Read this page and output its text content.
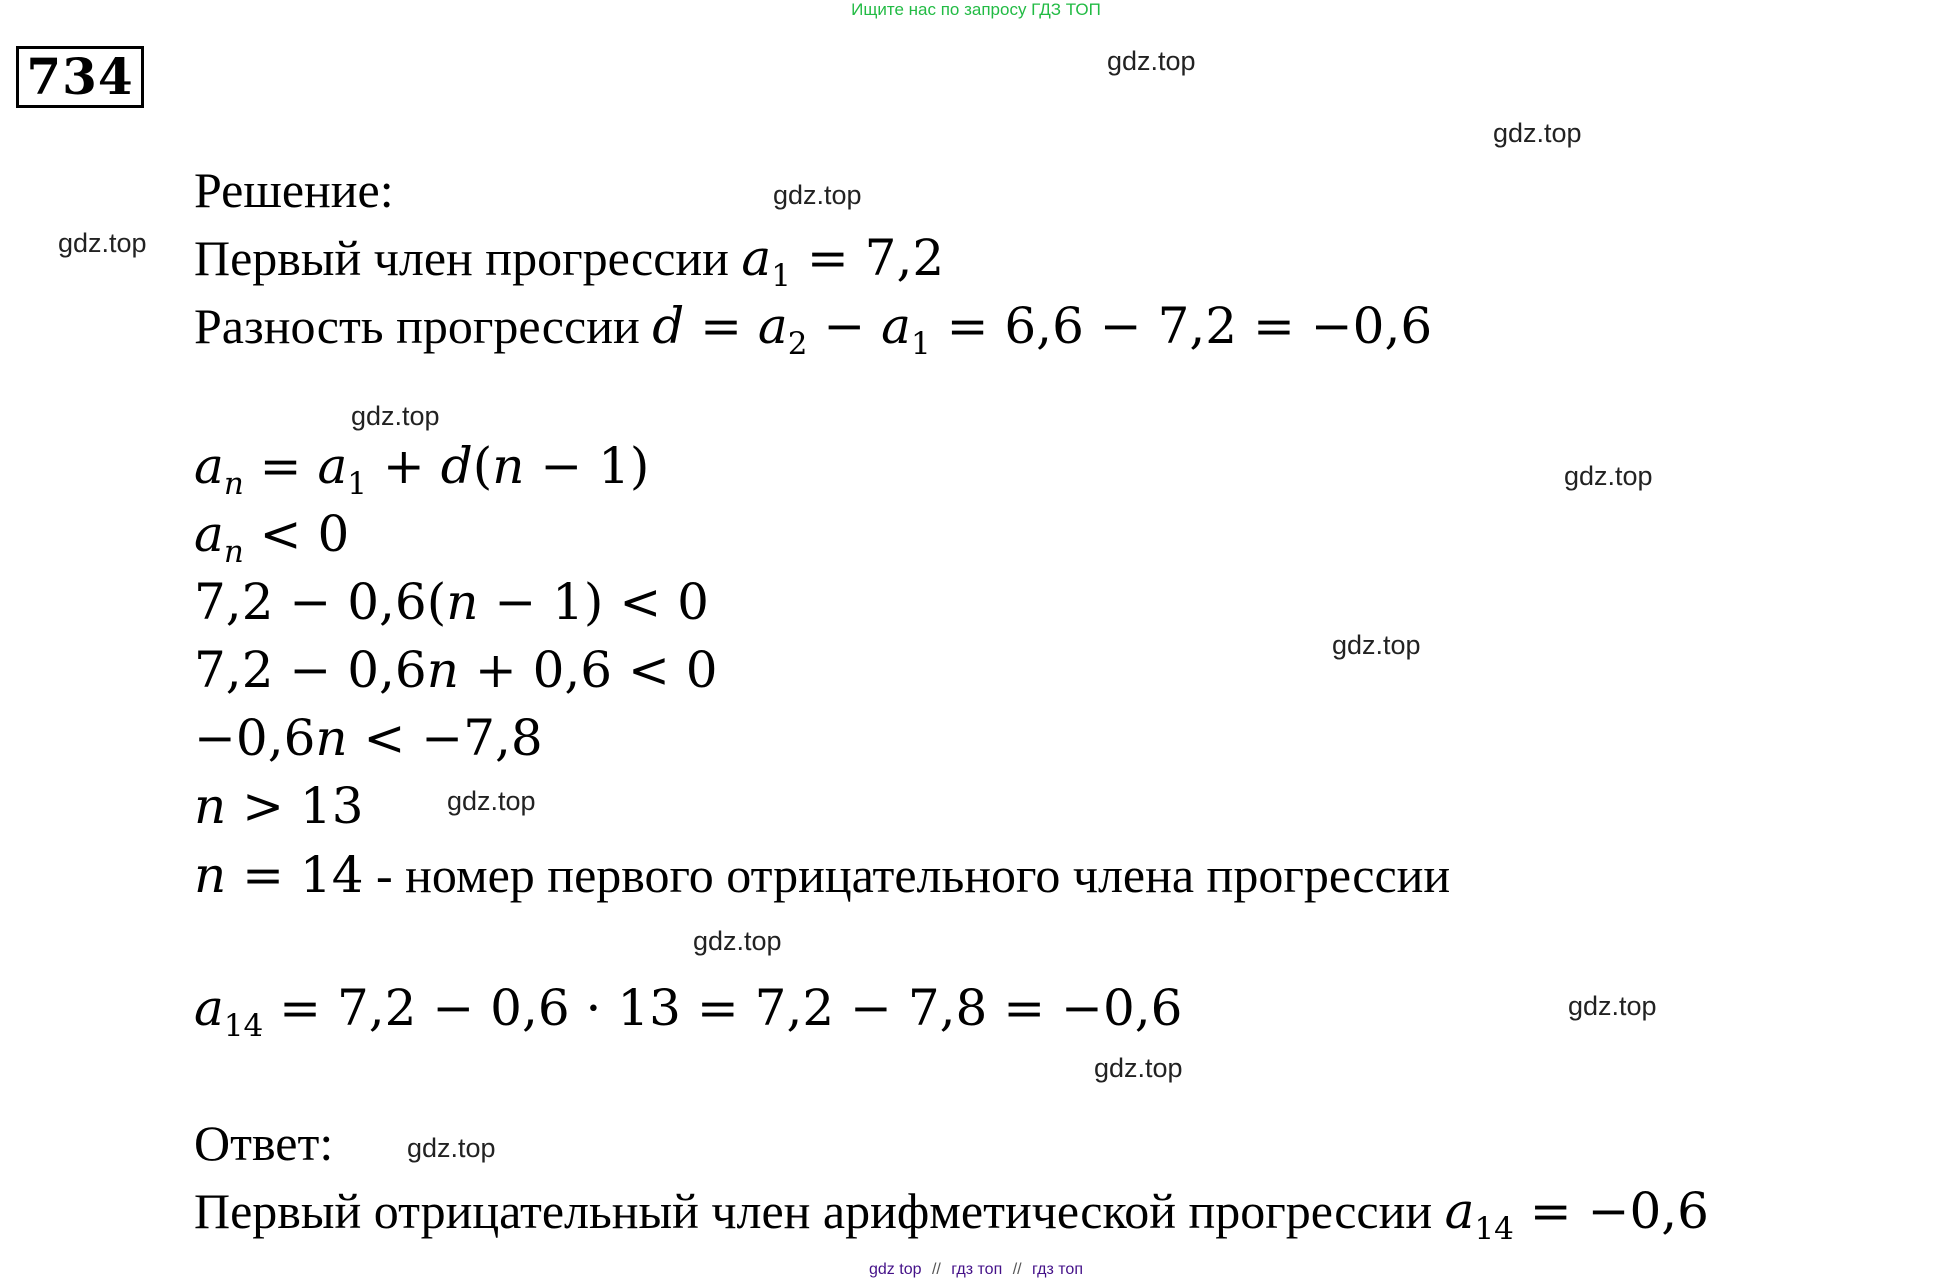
Ищите нас по запросу ГДЗ ТОП
734	gdz.top
gdz.top
gdz.top
gdz.top
gdz.top
gdz.top
gdz.top
gdz.top
gdz.top
gdz.top
gdz.top
gdz.top
Решение:
Первый член прогрессии $a_1 = 7,2$
Разность прогрессии $d = a_2 - a_1 = 6,6 - 7,2 = -0,6$
$a_n = a_1 + d(n - 1)$
$a_n < 0$
7,2 − 0,6(n − 1) < 0
7,2 − 0,6n + 0,6 < 0
−0,6n < −7,8
n > 13
n = 14 - номер первого отрицательного члена прогрессии
$a_{14} = 7,2 - 0,6 \cdot 13 = 7,2 - 7,8 = -0,6$
Ответ:
Первый отрицательный член арифметической прогрессии $a_{14} = -0,6$
gdz top // гдз топ // гдз топ
